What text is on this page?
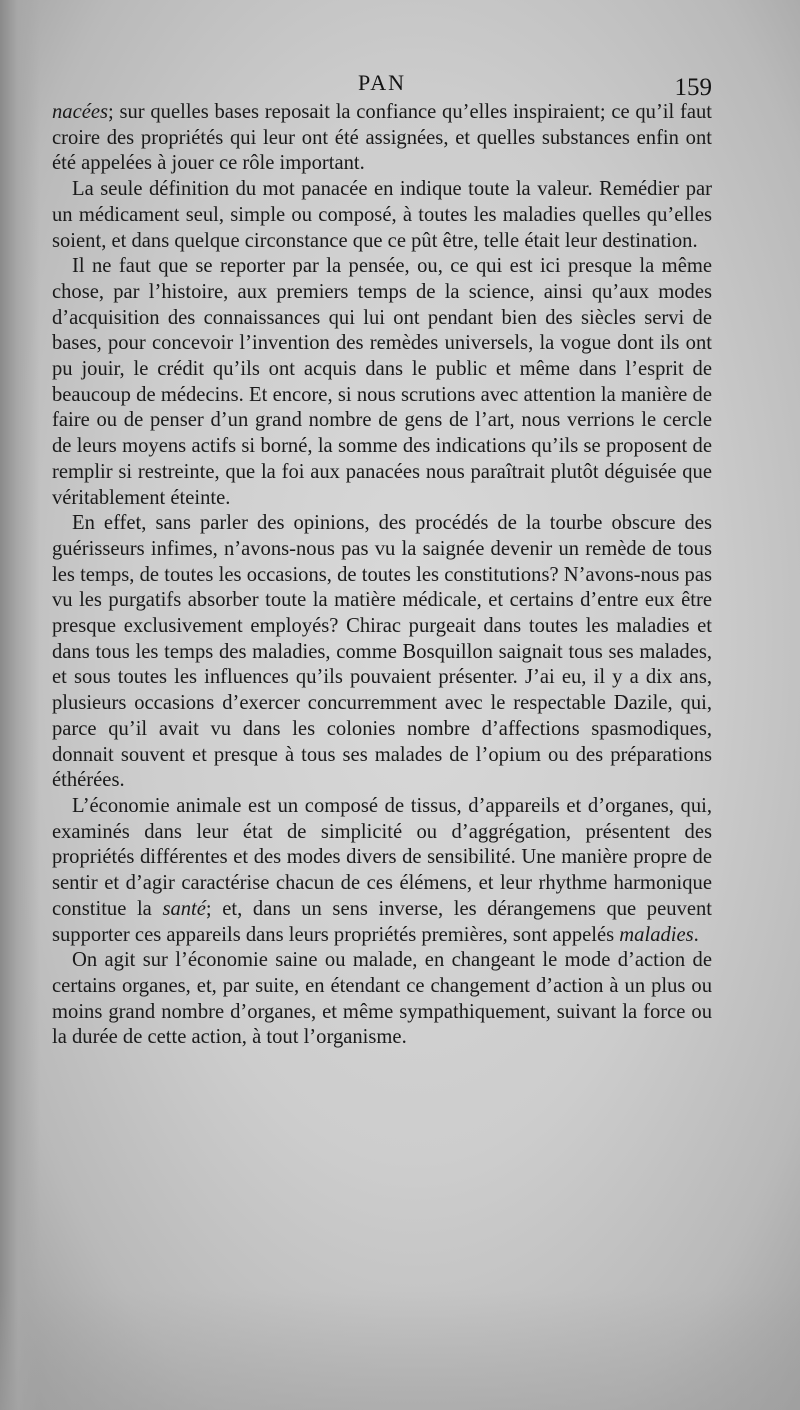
PAN	159

nacées; sur quelles bases reposait la confiance qu’elles inspiraient; ce qu’il faut croire des propriétés qui leur ont été assignées, et quelles substances enfin ont été appelées à jouer ce rôle important.

La seule définition du mot panacée en indique toute la valeur. Remédier par un médicament seul, simple ou composé, à toutes les maladies quelles qu’elles soient, et dans quelque circonstance que ce pût être, telle était leur destination.

Il ne faut que se reporter par la pensée, ou, ce qui est ici presque la même chose, par l’histoire, aux premiers temps de la science, ainsi qu’aux modes d’acquisition des connaissances qui lui ont pendant bien des siècles servi de bases, pour concevoir l’invention des remèdes universels, la vogue dont ils ont pu jouir, le crédit qu’ils ont acquis dans le public et même dans l’esprit de beaucoup de médecins. Et encore, si nous scrutions avec attention la manière de faire ou de penser d’un grand nombre de gens de l’art, nous verrions le cercle de leurs moyens actifs si borné, la somme des indications qu’ils se proposent de remplir si restreinte, que la foi aux panacées nous paraîtrait plutôt déguisée que véritablement éteinte.

En effet, sans parler des opinions, des procédés de la tourbe obscure des guérisseurs infimes, n’avons-nous pas vu la saignée devenir un remède de tous les temps, de toutes les occasions, de toutes les constitutions? N’avons-nous pas vu les purgatifs absorber toute la matière médicale, et certains d’entre eux être presque exclusivement employés? Chirac purgeait dans toutes les maladies et dans tous les temps des maladies, comme Bosquillon saignait tous ses malades, et sous toutes les influences qu’ils pouvaient présenter. J’ai eu, il y a dix ans, plusieurs occasions d’exercer concurremment avec le respectable Dazile, qui, parce qu’il avait vu dans les colonies nombre d’affections spasmodiques, donnait souvent et presque à tous ses malades de l’opium ou des préparations éthérées.

L’économie animale est un composé de tissus, d’appareils et d’organes, qui, examinés dans leur état de simplicité ou d’aggrégation, présentent des propriétés différentes et des modes divers de sensibilité. Une manière propre de sentir et d’agir caractérise chacun de ces élémens, et leur rhythme harmonique constitue la santé; et, dans un sens inverse, les dérangemens que peuvent supporter ces appareils dans leurs propriétés premières, sont appelés maladies.

On agit sur l’économie saine ou malade, en changeant le mode d’action de certains organes, et, par suite, en étendant ce changement d’action à un plus ou moins grand nombre d’organes, et même sympathiquement, suivant la force ou la durée de cette action, à tout l’organisme.
